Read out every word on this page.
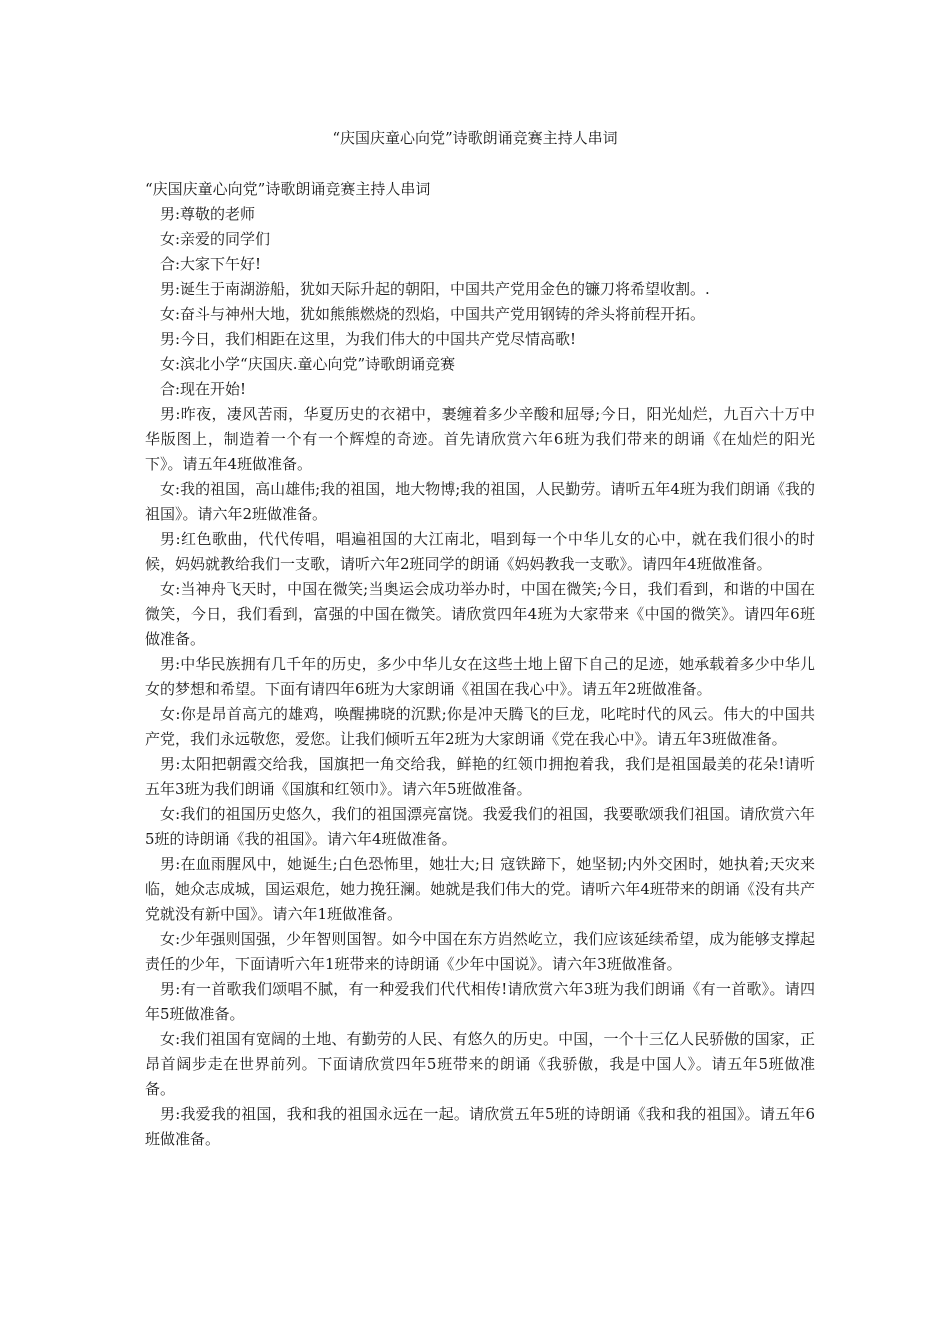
“庆国庆童心向党”诗歌朗诵竞赛主持人串词

“庆国庆童心向党”诗歌朗诵竞赛主持人串词

男:尊敬的老师

女:亲爱的同学们

合:大家下午好!

男:诞生于南湖游船，犹如天际升起的朝阳，中国共产党用金色的镰刀将希望收割。.

女:奋斗与神州大地，犹如熊熊燃烧的烈焰，中国共产党用钢铸的斧头将前程开拓。

男:今日，我们相距在这里，为我们伟大的中国共产党尽情高歌!

女:滨北小学“庆国庆.童心向党”诗歌朗诵竞赛

合:现在开始!

男:昨夜，凄风苦雨，华夏历史的衣裙中，裹缠着多少辛酸和屈辱;今日，阳光灿烂，九百六十万中华版图上，制造着一个有一个辉煌的奇迹。首先请欣赏六年6班为我们带来的朗诵《在灿烂的阳光下》。请五年4班做准备。

女:我的祖国，高山雄伟;我的祖国，地大物博;我的祖国，人民勤劳。请听五年4班为我们朗诵《我的祖国》。请六年2班做准备。

男:红色歌曲，代代传唱，唱遍祖国的大江南北，唱到每一个中华儿女的心中，就在我们很小的时候，妈妈就教给我们一支歌，请听六年2班同学的朗诵《妈妈教我一支歌》。请四年4班做准备。

女:当神舟飞天时，中国在微笑;当奥运会成功举办时，中国在微笑;今日，我们看到，和谐的中国在微笑，今日，我们看到，富强的中国在微笑。请欣赏四年4班为大家带来《中国的微笑》。请四年6班做准备。

男:中华民族拥有几千年的历史，多少中华儿女在这些土地上留下自己的足迹，她承载着多少中华儿女的梦想和希望。下面有请四年6班为大家朗诵《祖国在我心中》。请五年2班做准备。

女:你是昂首高亢的雄鸡，唤醒拂晓的沉默;你是冲天腾飞的巨龙，叱咤时代的风云。伟大的中国共产党，我们永远敬您，爱您。让我们倾听五年2班为大家朗诵《党在我心中》。请五年3班做准备。

男:太阳把朝霞交给我，国旗把一角交给我，鲜艳的红领巾拥抱着我，我们是祖国最美的花朵!请听五年3班为我们朗诵《国旗和红领巾》。请六年5班做准备。

女:我们的祖国历史悠久，我们的祖国漂亮富饶。我爱我们的祖国，我要歌颂我们祖国。请欣赏六年5班的诗朗诵《我的祖国》。请六年4班做准备。

男:在血雨腥风中，她诞生;白色恐怖里，她壮大;日 寇铁蹄下，她坚韧;内外交困时，她执着;天灾来临，她众志成城，国运艰危，她力挽狂澜。她就是我们伟大的党。请听六年4班带来的朗诵《没有共产党就没有新中国》。请六年1班做准备。

女:少年强则国强，少年智则国智。如今中国在东方岿然屹立，我们应该延续希望，成为能够支撑起责任的少年，下面请听六年1班带来的诗朗诵《少年中国说》。请六年3班做准备。

男:有一首歌我们颂唱不腻，有一种爱我们代代相传!请欣赏六年3班为我们朗诵《有一首歌》。请四年5班做准备。

女:我们祖国有宽阔的土地、有勤劳的人民、有悠久的历史。中国，一个十三亿人民骄傲的国家，正昂首阔步走在世界前列。下面请欣赏四年5班带来的朗诵《我骄傲，我是中国人》。请五年5班做准备。

男:我爱我的祖国，我和我的祖国永远在一起。请欣赏五年5班的诗朗诵《我和我的祖国》。请五年6班做准备。
